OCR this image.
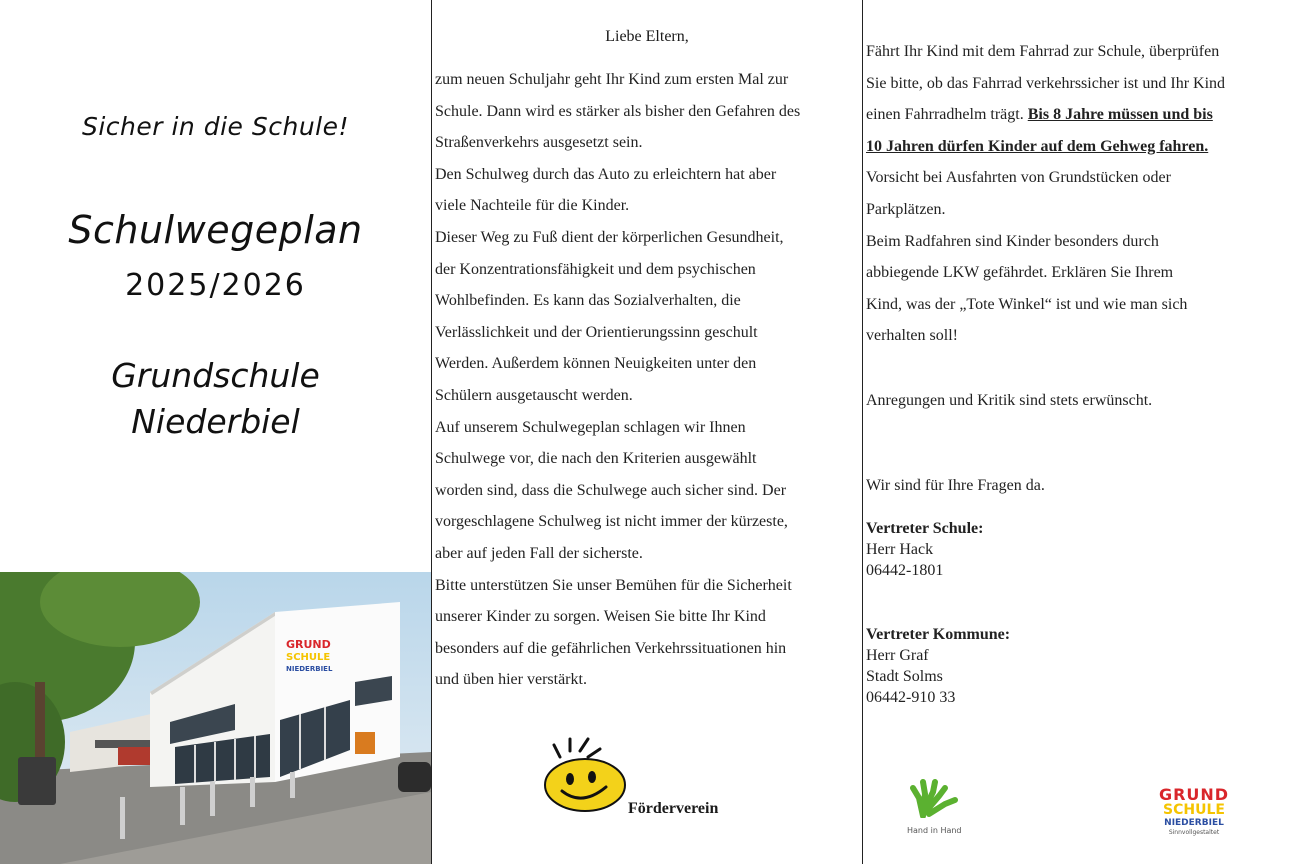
Sicher in die Schule!
Schulwegeplan
2025/2026
Grundschule
Niederbiel
GRUND
SCHULE
NIEDERBIEL
Liebe Eltern,
zum neuen Schuljahr geht Ihr Kind zum ersten Mal zur
Schule. Dann wird es stärker als bisher den Gefahren des
Straßenverkehrs ausgesetzt sein.
Den Schulweg durch das Auto zu erleichtern hat aber
viele Nachteile für die Kinder.
Dieser Weg zu Fuß dient der körperlichen Gesundheit,
der Konzentrationsfähigkeit und dem psychischen
Wohlbefinden. Es kann das Sozialverhalten, die
Verlässlichkeit und der Orientierungssinn geschult
Werden. Außerdem können Neuigkeiten unter den
Schülern ausgetauscht werden.
Auf unserem Schulwegeplan schlagen wir Ihnen
Schulwege vor, die nach den Kriterien ausgewählt
worden sind, dass die Schulwege auch sicher sind. Der
vorgeschlagene Schulweg ist nicht immer der kürzeste,
aber auf jeden Fall der sicherste.
Bitte unterstützen Sie unser Bemühen für die Sicherheit
unserer Kinder zu sorgen. Weisen Sie bitte Ihr Kind
besonders auf die gefährlichen Verkehrssituationen hin
und üben hier verstärkt.
Förderverein
Fährt Ihr Kind mit dem Fahrrad zur Schule, überprüfen
Sie bitte, ob das Fahrrad verkehrssicher ist und Ihr Kind
einen Fahrradhelm trägt. Bis 8 Jahre müssen und bis
10 Jahren dürfen Kinder auf dem Gehweg fahren.
Vorsicht bei Ausfahrten von Grundstücken oder
Parkplätzen.
Beim Radfahren sind Kinder besonders durch
abbiegende LKW gefährdet. Erklären Sie Ihrem
Kind, was der „Tote Winkel“ ist und wie man sich
verhalten soll!
Anregungen und Kritik sind stets erwünscht.
Wir sind für Ihre Fragen da.
Vertreter Schule:
Herr Hack
06442-1801
Vertreter Kommune:
Herr Graf
Stadt Solms
06442-910 33
Hand in Hand
GRUND
SCHULE
NIEDERBIEL
Sinnvollgestaltet
